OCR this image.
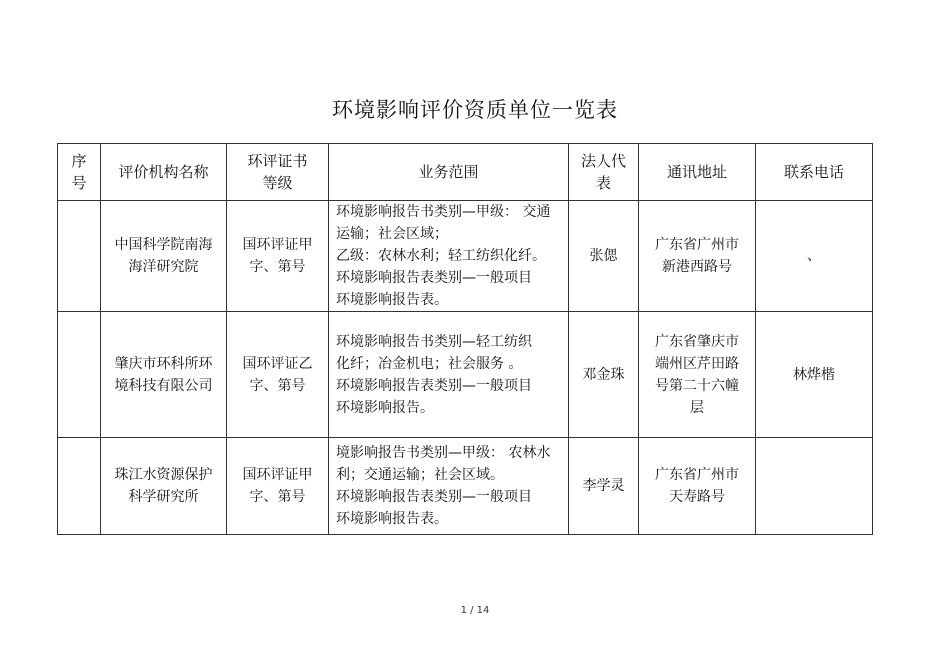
环境影响评价资质单位一览表
序
号	评价机构名称	环评证书
等级	业务范围	法人代
表	通讯地址	联系电话

	中国科学院南海
海洋研究院	国环评证甲
字、第号	环境影响报告书类别—甲级： 交通
运输；社会区域；
乙级：农林水利；轻工纺织化纤。
环境影响报告表类别—一般项目
环境影响报告表。	张偲	广东省广州市
新港西路号	、

	肇庆市环科所环
境科技有限公司	国环评证乙
字、第号	环境影响报告书类别—轻工纺织
化纤；冶金机电；社会服务 。
环境影响报告表类别—一般项目
环境影响报告。	邓金珠	广东省肇庆市
端州区芹田路
号第二十六幢
层	林烨楷

	珠江水资源保护
科学研究所	国环评证甲
字、第号	境影响报告书类别—甲级： 农林水
利；交通运输；社会区域。
环境影响报告表类别—一般项目
环境影响报告表。	李学灵	广东省广州市
天寿路号	

1 / 14
